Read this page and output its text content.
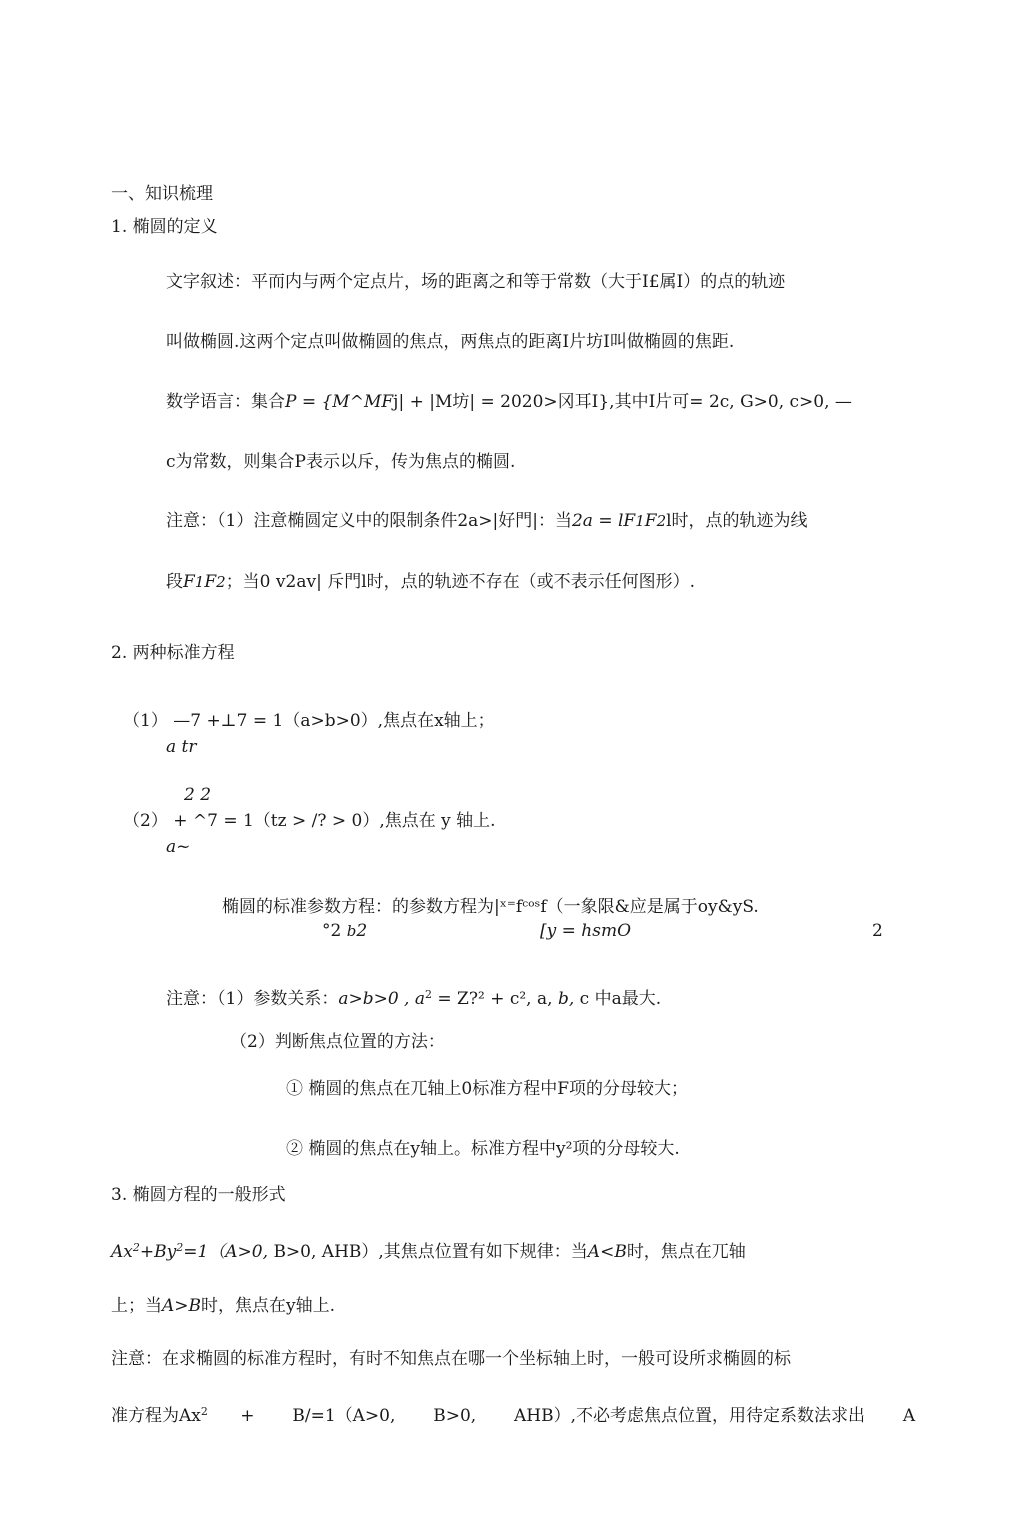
一、知识梳理
1. 椭圆的定义
文字叙述：平而内与两个定点片，场的距离之和等于常数（大于Ⅰ£属Ⅰ）的点的轨迹
叫做椭圆.这两个定点叫做椭圆的焦点，两焦点的距离I片坊I叫做椭圆的焦距.
数学语言：集合P = {M^MFj| + |M坊| = 2020>冈耳I},其中I片可= 2c, G>0, c>0, —
c为常数，则集合P表示以斥，传为焦点的椭圆.
注意：（1）注意椭圆定义中的限制条件2a>|好門|：当2a = lF1F2l时，点的轨迹为线
段F1F2；当0 v2av| 斥門l时，点的轨迹不存在（或不表示任何图形）.
2. 两种标准方程
（1） —7 +⊥7 = 1（a>b>0）,焦点在x轴上；
a tr
2 2
（2） + ^7 = 1（tz > /? > 0）,焦点在 y 轴上.
a~
椭圆的标准参数方程：的参数方程为|ˣ⁼fᶜᵒˢf（一象限&应是属于oy&yS.
°2 b2	[y = hsmO	2
注意：（1）参数关系：a>b>0 , $a^2$ = Z?² + c², a, b, c 中a最大.
（2）判断焦点位置的方法：
① 椭圆的焦点在兀轴上0标准方程中F项的分母较大；
② 椭圆的焦点在y轴上。标准方程中y²项的分母较大.
3. 椭圆方程的一般形式
$Ax^2+By^2=1(A>0$, B>0, AHB）,其焦点位置有如下规律：当A<B时，焦点在兀轴
上；当A>B时，焦点在y轴上.
注意：在求椭圆的标准方程时，有时不知焦点在哪一个坐标轴上时，一般可设所求椭圆的标
准方程为Ax$^2$      +       B/=1（A>0,       B>0,       AHB）,不必考虑焦点位置，用待定系数法求出       A
